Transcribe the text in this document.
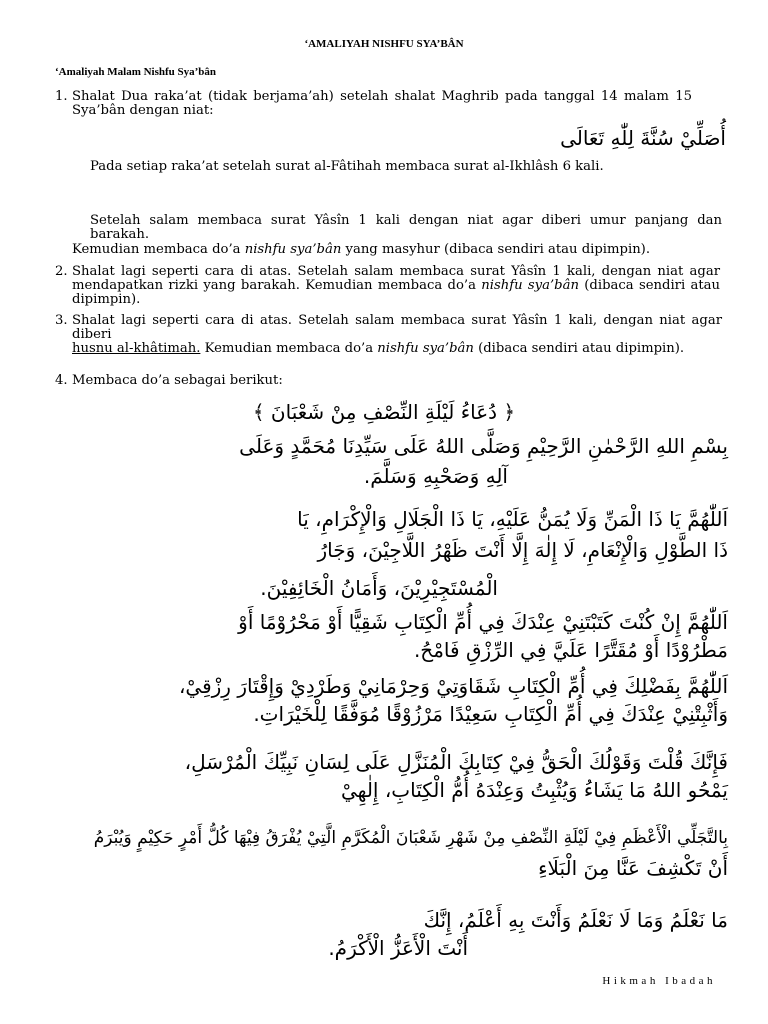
‘AMALIYAH NISHFU SYA’BÂN
‘Amaliyah Malam Nishfu Sya’bân
1. Shalat Dua raka’at (tidak berjama’ah) setelah shalat Maghrib pada tanggal 14 malam 15 Sya’bân dengan niat:
أُصَلِّيْ سُنَّةَ لِلّٰهِ تَعَالَى
Pada setiap raka’at setelah surat al-Fâtihah membaca surat al-Ikhlâsh 6 kali.
Setelah salam membaca surat Yâsîn 1 kali dengan niat agar diberi umur panjang dan barakah.
Kemudian membaca do’a nishfu sya’bân yang masyhur (dibaca sendiri atau dipimpin).
2. Shalat lagi seperti cara di atas. Setelah salam membaca surat Yâsîn 1 kali, dengan niat agar mendapatkan rizki yang barakah. Kemudian membaca do’a nishfu sya’bân (dibaca sendiri atau dipimpin).
3. Shalat lagi seperti cara di atas. Setelah salam membaca surat Yâsîn 1 kali, dengan niat agar diberi
husnu al-khâtimah. Kemudian membaca do’a nishfu sya’bân (dibaca sendiri atau dipimpin).
4. Membaca do’a sebagai berikut:
﴿ دُعَاءُ لَيْلَةِ النِّصْفِ مِنْ شَعْبَانَ ﴾
بِسْمِ اللهِ الرَّحْمٰنِ الرَّحِيْمِ وَصَلَّى اللهُ عَلَى سَيِّدِنَا مُحَمَّدٍ وَعَلَى
آلِهِ وَصَحْبِهِ وَسَلَّمَ.
اَللّٰهُمَّ يَا ذَا الْمَنِّ وَلَا يُمَنُّ عَلَيْهِ، يَا ذَا الْجَلَالِ وَالْإِكْرَامِ، يَا
ذَا الطَّوْلِ وَالْإِنْعَامِ، لَا إِلٰهَ إِلَّا أَنْتَ ظَهْرُ اللَّاجِيْنَ، وَجَارُ
الْمُسْتَجِيْرِيْنَ، وَأَمَانُ الْخَائِفِيْنَ.
اَللّٰهُمَّ إِنْ كُنْتَ كَتَبْتَنِيْ عِنْدَكَ فِي أُمِّ الْكِتَابِ شَقِيًّا أَوْ مَحْرُوْمًا أَوْ
مَطْرُوْدًا أَوْ مُقَتَّرًا عَلَيَّ فِي الرِّزْقِ فَامْحُ.
اَللّٰهُمَّ بِفَضْلِكَ فِي أُمِّ الْكِتَابِ شَقَاوَتِيْ وَحِرْمَانِيْ وَطَرْدِيْ وَإِقْتَارَ رِزْقِيْ،
وَأَثْبِتْنِيْ عِنْدَكَ فِي أُمِّ الْكِتَابِ سَعِيْدًا مَرْزُوْقًا مُوَفَّقًا لِلْخَيْرَاتِ.
فَإِنَّكَ قُلْتَ وَقَوْلُكَ الْحَقُّ فِيْ كِتَابِكَ الْمُنَزَّلِ عَلَى لِسَانِ نَبِيِّكَ الْمُرْسَلِ،
يَمْحُو اللهُ مَا يَشَاءُ وَيُثْبِتُ وَعِنْدَهُ أُمُّ الْكِتَابِ، إِلٰهِيْ
بِالتَّجَلِّي الْأَعْظَمِ فِيْ لَيْلَةِ النِّصْفِ مِنْ شَهْرِ شَعْبَانَ الْمُكَرَّمِ الَّتِيْ يُفْرَقُ فِيْهَا كُلُّ أَمْرٍ حَكِيْمٍ وَيُبْرَمُ
أَنْ تَكْشِفَ عَنَّا مِنَ الْبَلَاءِ
مَا نَعْلَمُ وَمَا لَا نَعْلَمُ وَأَنْتَ بِهِ أَعْلَمُ، إِنَّكَ
أَنْتَ الْأَعَزُّ الْأَكْرَمُ.
Hikmah Ibadah
